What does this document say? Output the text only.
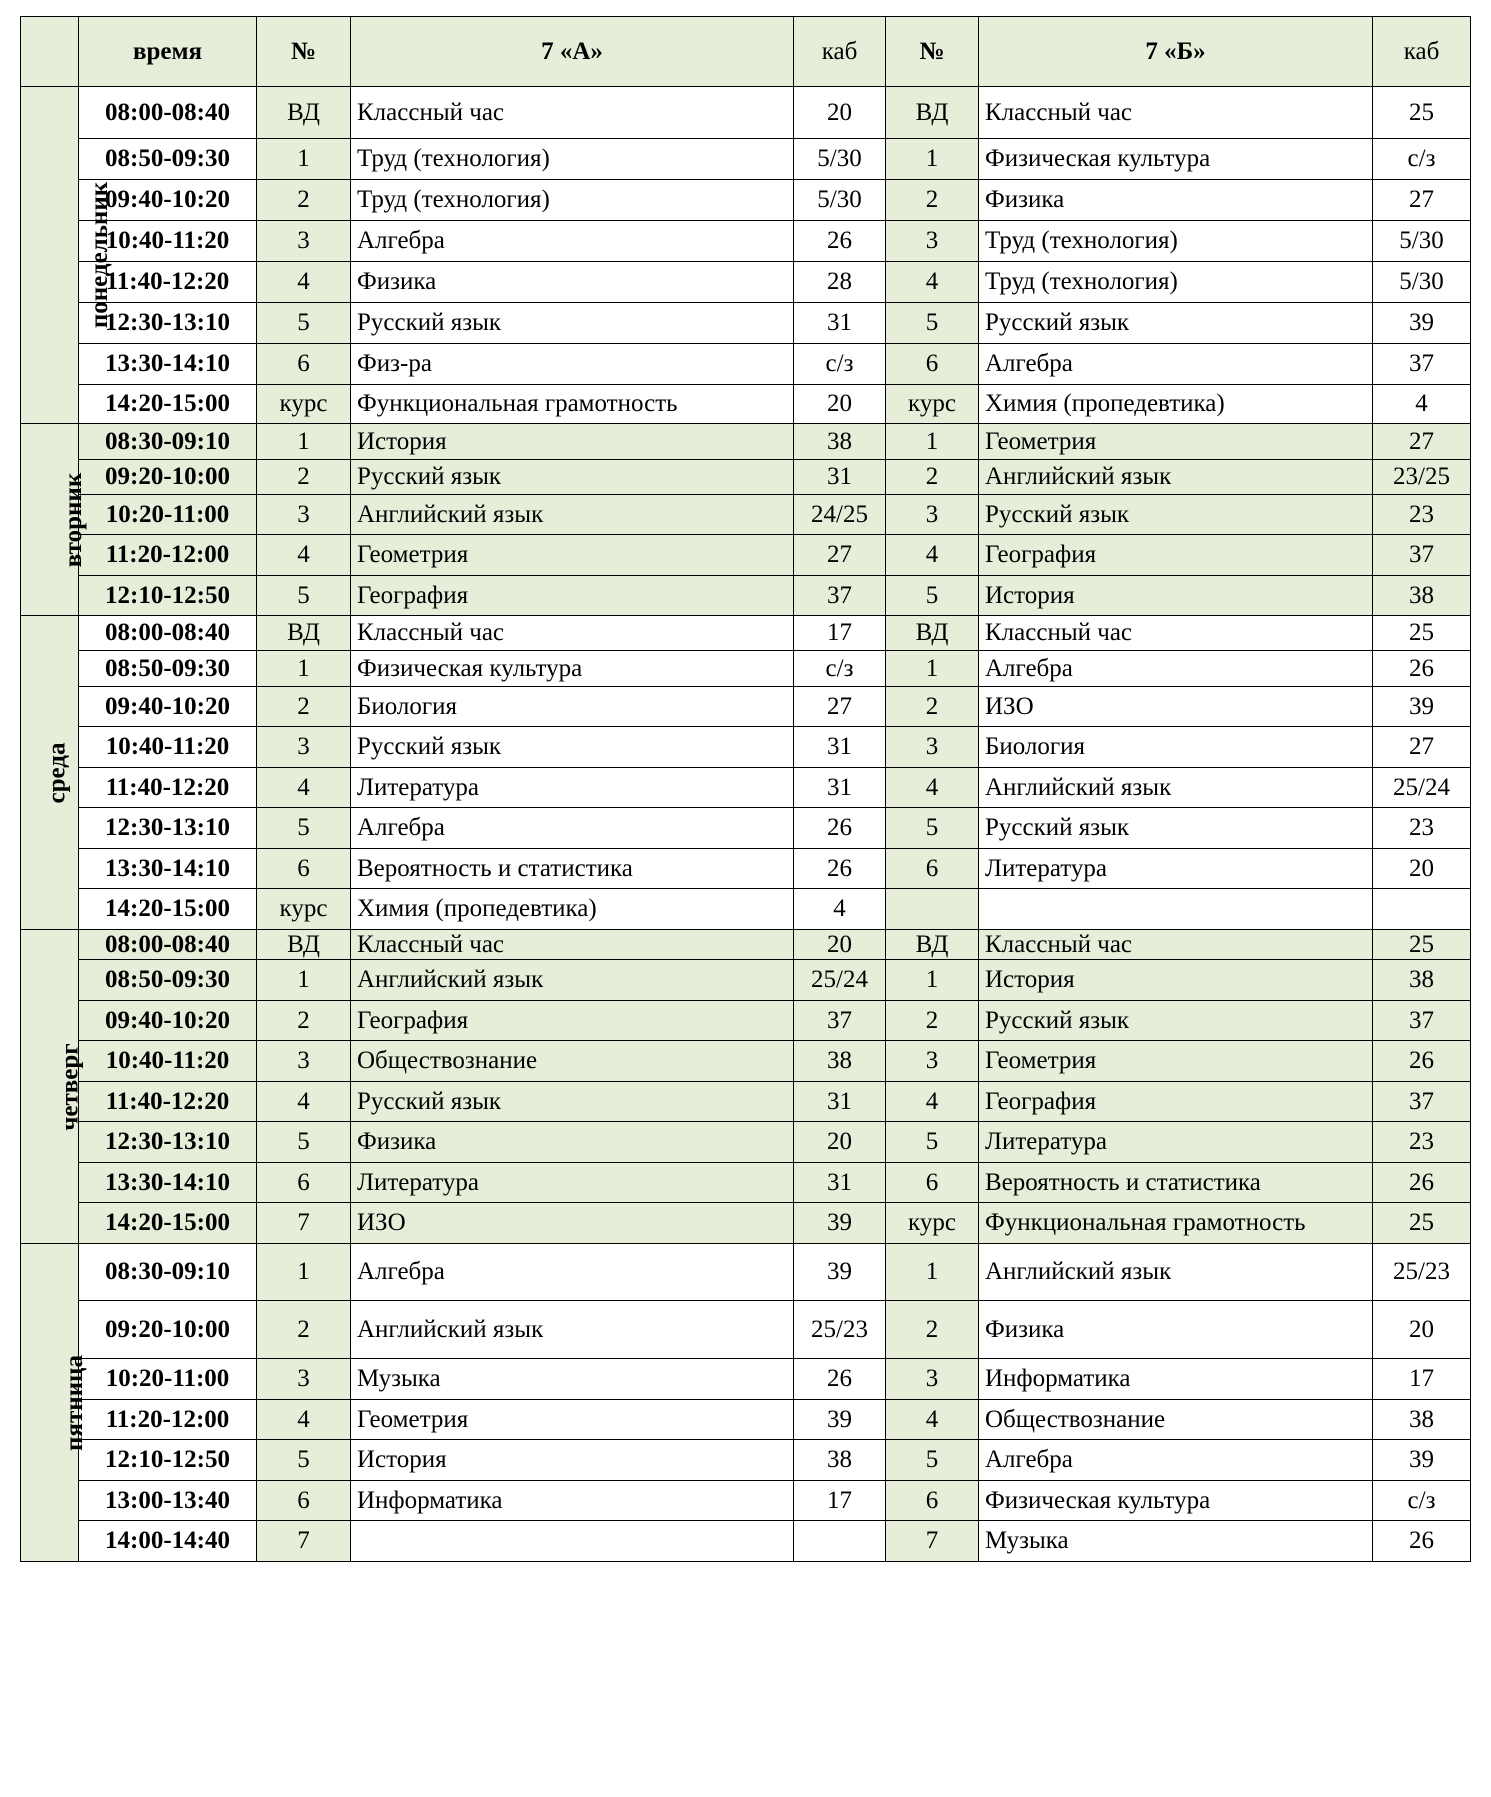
	время	№	7 «А»	каб	№	7 «Б»	каб
понедельник	08:00-08:40	ВД	Классный час	20	ВД	Классный час	25
	08:50-09:30	1	Труд (технология)	5/30	1	Физическая культура	с/з
	09:40-10:20	2	Труд (технология)	5/30	2	Физика	27
	10:40-11:20	3	Алгебра	26	3	Труд (технология)	5/30
	11:40-12:20	4	Физика	28	4	Труд (технология)	5/30
	12:30-13:10	5	Русский язык	31	5	Русский язык	39
	13:30-14:10	6	Физ-ра	с/з	6	Алгебра	37
	14:20-15:00	курс	Функциональная грамотность	20	курс	Химия (пропедевтика)	4
вторник	08:30-09:10	1	История	38	1	Геометрия	27
	09:20-10:00	2	Русский язык	31	2	Английский язык	23/25
	10:20-11:00	3	Английский язык	24/25	3	Русский язык	23
	11:20-12:00	4	Геометрия	27	4	География	37
	12:10-12:50	5	География	37	5	История	38
среда	08:00-08:40	ВД	Классный час	17	ВД	Классный час	25
	08:50-09:30	1	Физическая культура	с/з	1	Алгебра	26
	09:40-10:20	2	Биология	27	2	ИЗО	39
	10:40-11:20	3	Русский язык	31	3	Биология	27
	11:40-12:20	4	Литература	31	4	Английский язык	25/24
	12:30-13:10	5	Алгебра	26	5	Русский язык	23
	13:30-14:10	6	Вероятность и статистика	26	6	Литература	20
	14:20-15:00	курс	Химия (пропедевтика)	4			
четверг	08:00-08:40	ВД	Классный час	20	ВД	Классный час	25
	08:50-09:30	1	Английский язык	25/24	1	История	38
	09:40-10:20	2	География	37	2	Русский язык	37
	10:40-11:20	3	Обществознание	38	3	Геометрия	26
	11:40-12:20	4	Русский язык	31	4	География	37
	12:30-13:10	5	Физика	20	5	Литература	23
	13:30-14:10	6	Литература	31	6	Вероятность и статистика	26
	14:20-15:00	7	ИЗО	39	курс	Функциональная грамотность	25
пятница	08:30-09:10	1	Алгебра	39	1	Английский язык	25/23
	09:20-10:00	2	Английский язык	25/23	2	Физика	20
	10:20-11:00	3	Музыка	26	3	Информатика	17
	11:20-12:00	4	Геометрия	39	4	Обществознание	38
	12:10-12:50	5	История	38	5	Алгебра	39
	13:00-13:40	6	Информатика	17	6	Физическая культура	с/з
	14:00-14:40	7			7	Музыка	26
